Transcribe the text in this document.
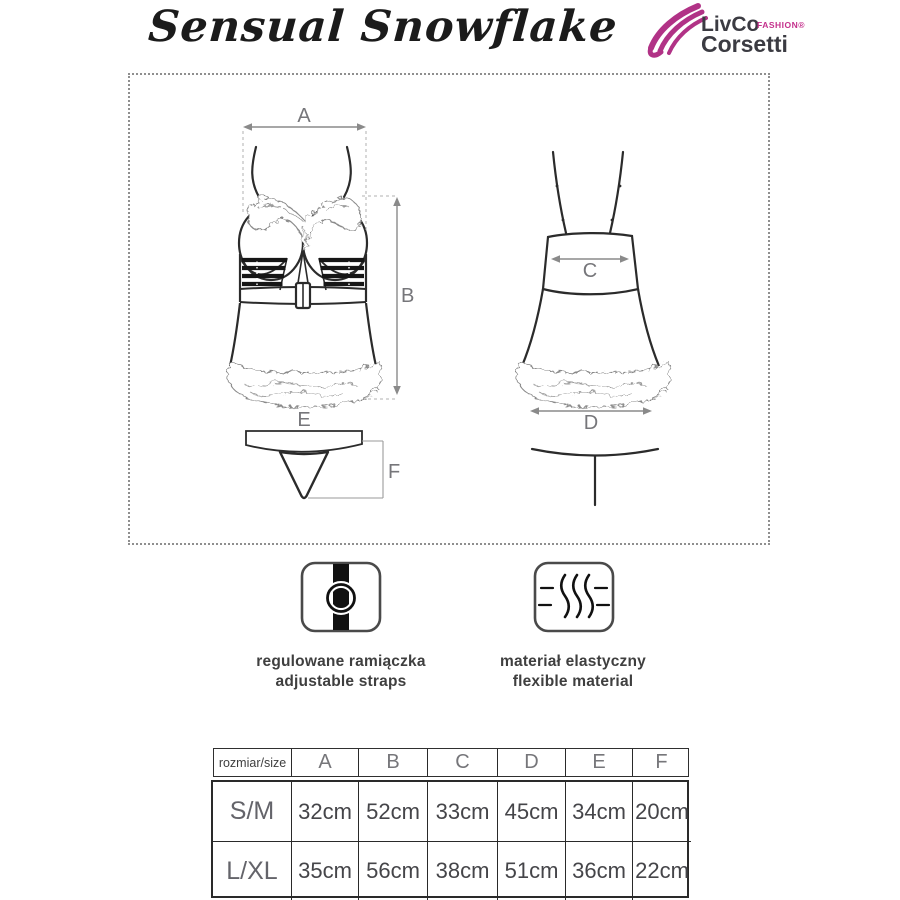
Sensual Snowflake	LivCo
FASHION®
Corsetti
A
B
C
D
E
F
regulowane ramiączka
adjustable straps
materiał elastyczny
flexible material
rozmiar/size	A	B	C	D	E	F
S/M	32cm 52cm 33cm 45cm 34cm 20cm
L/XL 35cm 56cm 38cm 51cm 36cm 22cm
